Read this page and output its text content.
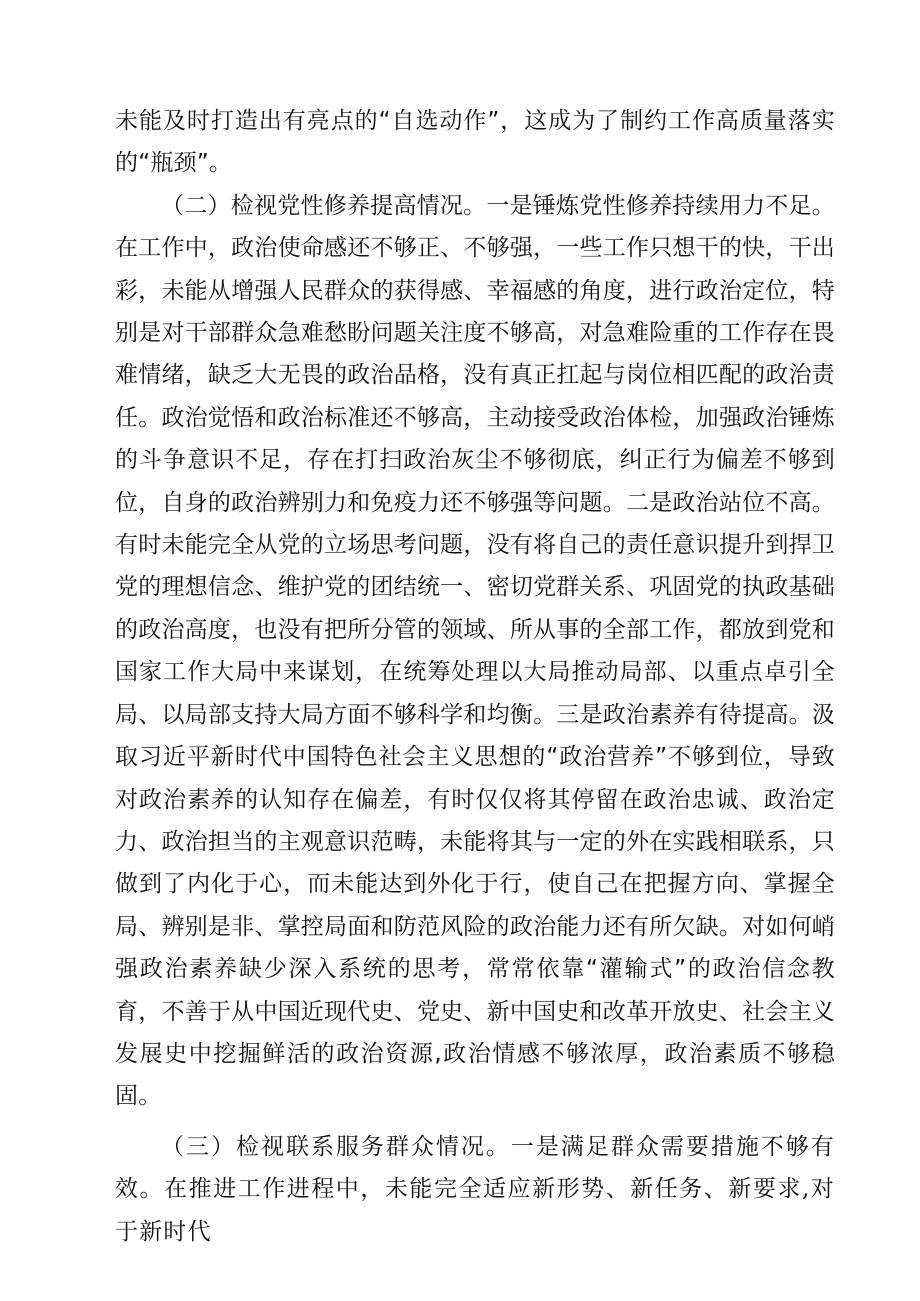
未能及时打造出有亮点的“自选动作”，这成为了制约工作高质量落实的“瓶颈”。

（二）检视党性修养提高情况。一是锤炼党性修养持续用力不足。在工作中，政治使命感还不够正、不够强，一些工作只想干的快，干出彩，未能从增强人民群众的获得感、幸福感的角度，进行政治定位，特别是对干部群众急难愁盼问题关注度不够高，对急难险重的工作存在畏难情绪，缺乏大无畏的政治品格，没有真正扛起与岗位相匹配的政治责任。政治觉悟和政治标准还不够高，主动接受政治体检，加强政治锤炼的斗争意识不足，存在打扫政治灰尘不够彻底，纠正行为偏差不够到位，自身的政治辨别力和免疫力还不够强等问题。二是政治站位不高。有时未能完全从党的立场思考问题，没有将自己的责任意识提升到捍卫党的理想信念、维护党的团结统一、密切党群关系、巩固党的执政基础的政治高度，也没有把所分管的领域、所从事的全部工作，都放到党和国家工作大局中来谋划，在统筹处理以大局推动局部、以重点卓引全局、以局部支持大局方面不够科学和均衡。三是政治素养有待提高。汲取习近平新时代中国特色社会主义思想的“政治营养”不够到位，导致对政治素养的认知存在偏差，有时仅仅将其停留在政治忠诚、政治定力、政治担当的主观意识范畴，未能将其与一定的外在实践相联系，只做到了内化于心，而未能达到外化于行，使自己在把握方向、掌握全局、辨别是非、掌控局面和防范风险的政治能力还有所欠缺。对如何峭强政治素养缺少深入系统的思考，常常依靠“灌输式”的政治信念教育，不善于从中国近现代史、党史、新中国史和改革开放史、社会主义发展史中挖掘鲜活的政治资源,政治情感不够浓厚，政治素质不够稳固。

（三）检视联系服务群众情况。一是满足群众需要措施不够有效。在推进工作进程中，未能完全适应新形势、新任务、新要求,对于新时代
